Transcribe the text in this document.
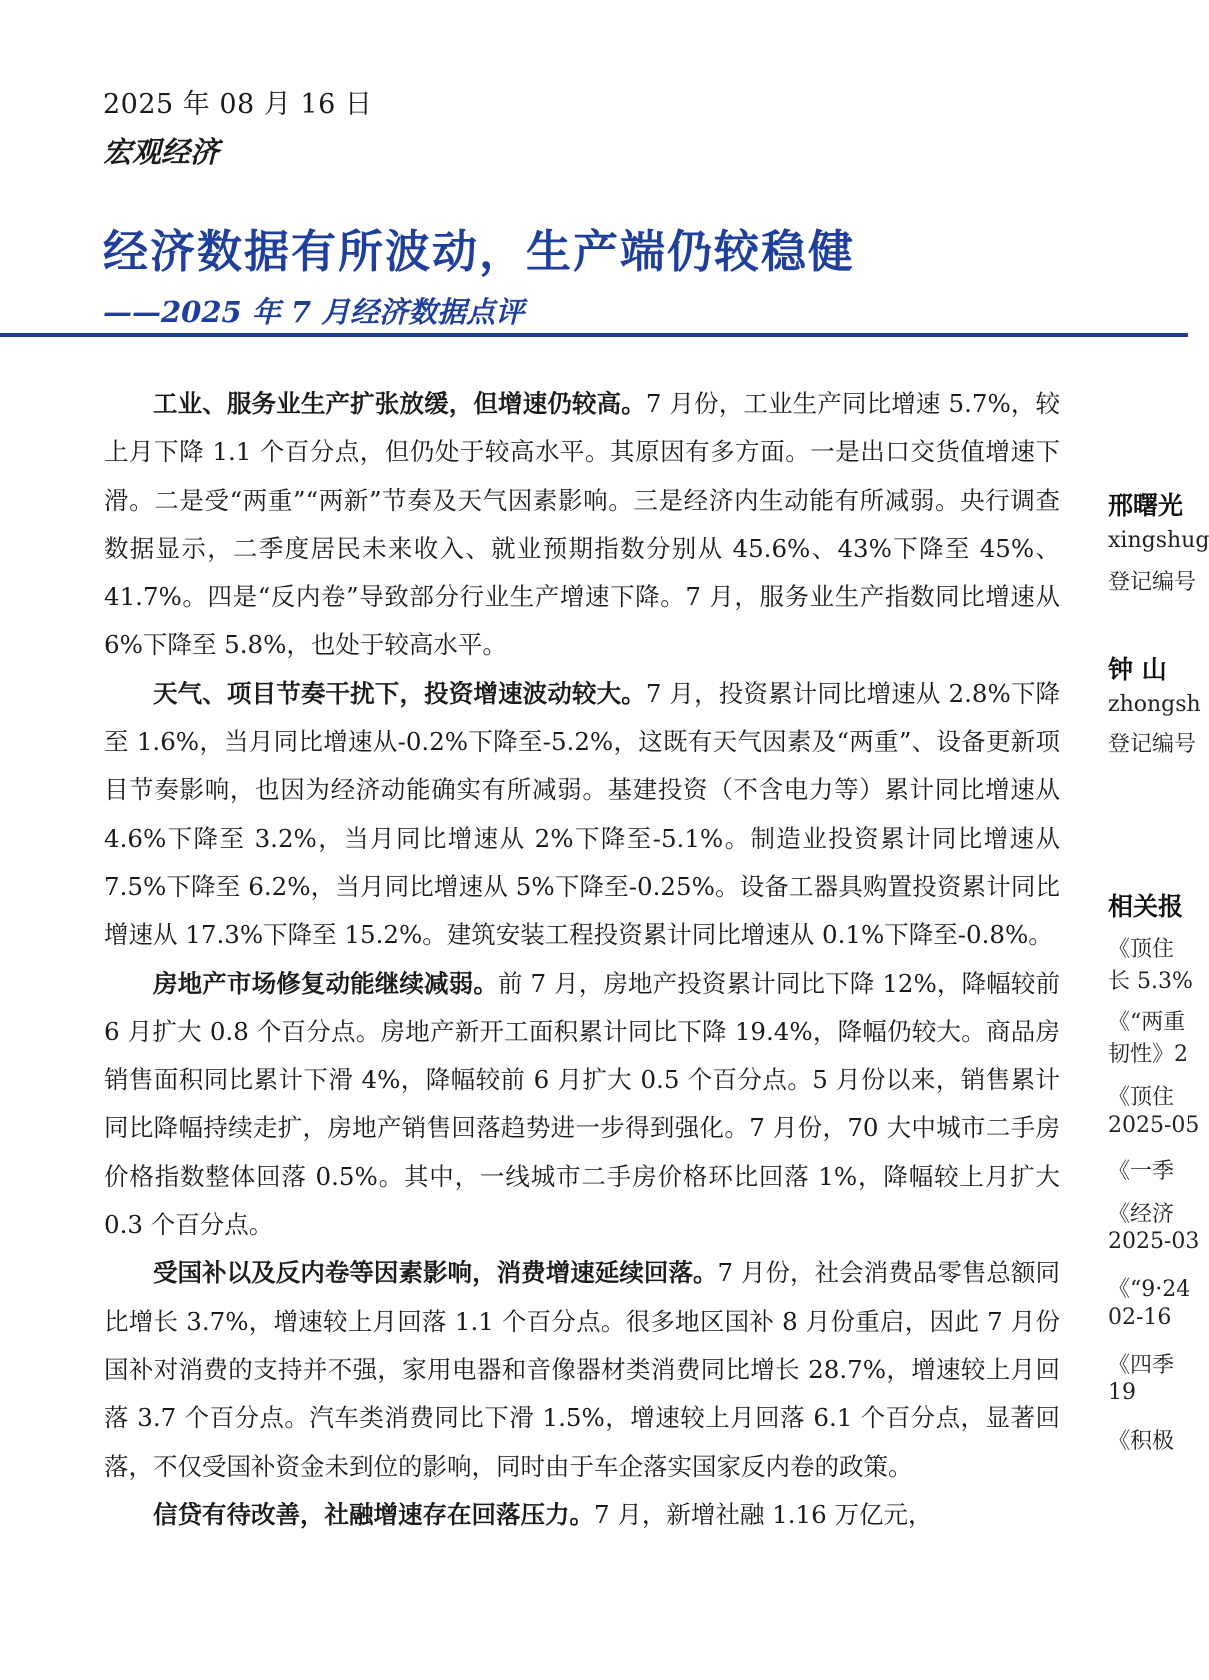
2025 年 08 月 16 日
宏观经济
经济数据有所波动，生产端仍较稳健
——2025 年 7 月经济数据点评

工业、服务业生产扩张放缓，但增速仍较高。7 月份，工业生产同比增速 5.7%，较上月下降 1.1 个百分点，但仍处于较高水平。其原因有多方面。一是出口交货值增速下滑。二是受“两重”“两新”节奏及天气因素影响。三是经济内生动能有所减弱。央行调查数据显示，二季度居民未来收入、就业预期指数分别从 45.6%、43%下降至 45%、41.7%。四是“反内卷”导致部分行业生产增速下降。7 月，服务业生产指数同比增速从 6%下降至 5.8%，也处于较高水平。

天气、项目节奏干扰下，投资增速波动较大。7 月，投资累计同比增速从 2.8%下降至 1.6%，当月同比增速从-0.2%下降至-5.2%，这既有天气因素及“两重”、设备更新项目节奏影响，也因为经济动能确实有所减弱。基建投资（不含电力等）累计同比增速从 4.6%下降至 3.2%，当月同比增速从 2%下降至-5.1%。制造业投资累计同比增速从 7.5%下降至 6.2%，当月同比增速从 5%下降至-0.25%。设备工器具购置投资累计同比增速从 17.3%下降至 15.2%。建筑安装工程投资累计同比增速从 0.1%下降至-0.8%。

房地产市场修复动能继续减弱。前 7 月，房地产投资累计同比下降 12%，降幅较前 6 月扩大 0.8 个百分点。房地产新开工面积累计同比下降 19.4%，降幅仍较大。商品房销售面积同比累计下滑 4%，降幅较前 6 月扩大 0.5 个百分点。5 月份以来，销售累计同比降幅持续走扩，房地产销售回落趋势进一步得到强化。7 月份，70 大中城市二手房价格指数整体回落 0.5%。其中，一线城市二手房价格环比回落 1%，降幅较上月扩大 0.3 个百分点。

受国补以及反内卷等因素影响，消费增速延续回落。7 月份，社会消费品零售总额同比增长 3.7%，增速较上月回落 1.1 个百分点。很多地区国补 8 月份重启，因此 7 月份国补对消费的支持并不强，家用电器和音像器材类消费同比增长 28.7%，增速较上月回落 3.7 个百分点。汽车类消费同比下滑 1.5%，增速较上月回落 6.1 个百分点，显著回落，不仅受国补资金未到位的影响，同时由于车企落实国家反内卷的政策。

信贷有待改善，社融增速存在回落压力。7 月，新增社融 1.16 万亿元，

邢曙光
xingshug
登记编号
钟 山
zhongsh
登记编号
相关报
《顶住
长 5.3%
《“两重
韧性》2
《顶住
2025-05
《一季
《经济
2025-03
《“9·24
02-16
《四季
19
《积极
